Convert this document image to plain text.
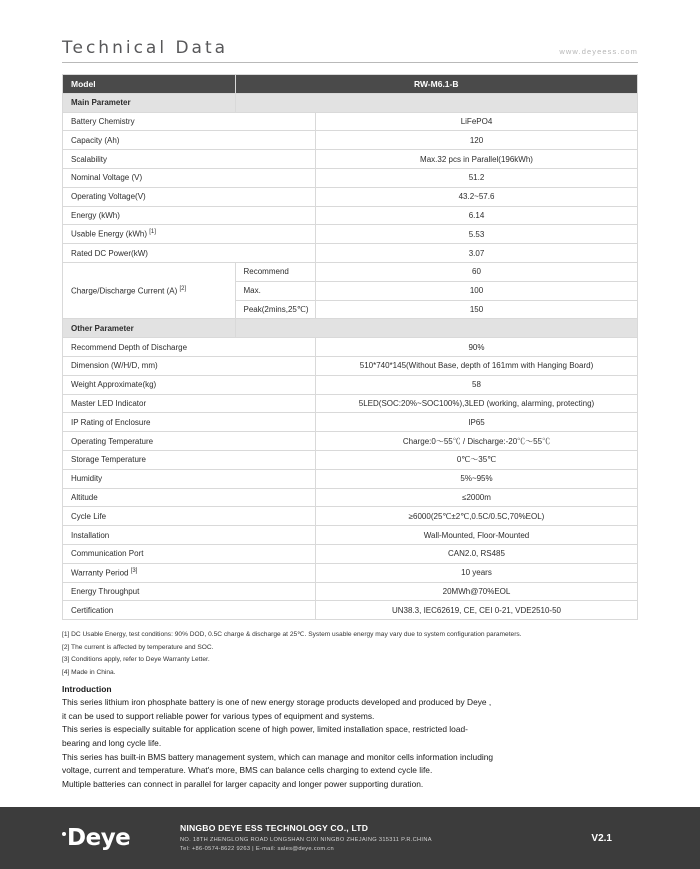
Technical Data	www.deyeess.com
Model	RW-M6.1-B	
Main Parameter		
Battery Chemistry		LiFePO4
Capacity (Ah)		120
Scalability		Max.32 pcs in Parallel(196kWh)
Nominal Voltage (V)		51.2
Operating Voltage(V)		43.2~57.6
Energy (kWh)		6.14
Usable Energy (kWh) [1]		5.53
Rated DC Power(kW)		3.07
Charge/Discharge Current (A) [2]	Recommend	60
	Max.	100
	Peak(2mins,25℃)	150
Other Parameter		
Recommend Depth of Discharge		90%
Dimension (W/H/D, mm)		510*740*145(Without Base, depth of 161mm with Hanging Board)
Weight Approximate(kg)		58
Master LED Indicator		5LED(SOC:20%~SOC100%),3LED (working, alarming, protecting)
IP Rating of Enclosure		IP65
Operating Temperature		Charge:0～55℃ / Discharge:-20℃～55℃
Storage Temperature		0℃～35℃
Humidity		5%~95%
Altitude		≤2000m
Cycle Life		≥6000(25℃±2℃,0.5C/0.5C,70%EOL)
Installation		Wall-Mounted, Floor-Mounted
Communication Port		CAN2.0, RS485
Warranty Period [3]		10 years
Energy Throughput		20MWh@70%EOL
Certification		UN38.3, IEC62619, CE, CEI 0-21, VDE2510-50
[1] DC Usable Energy, test conditions: 90% DOD, 0.5C charge & discharge at 25℃. System usable energy may vary due to system configuration parameters.
[2] The current is affected by temperature and SOC.
[3] Conditions apply, refer to Deye Warranty Letter.
[4] Made in China.
Introduction

This series lithium iron phosphate battery is one of new energy storage products developed and produced by Deye ,

it can be used to support reliable power for various types of equipment and systems.

This series is especially suitable for application scene of high power, limited installation space, restricted load-

bearing and long cycle life.

This series has built-in BMS battery management system, which can manage and monitor cells information including

voltage, current and temperature. What's more, BMS can balance cells charging to extend cycle life.

Multiple batteries can connect in parallel for larger capacity and longer power supporting duration.

Deye	NINGBO DEYE ESS TECHNOLOGY CO., LTD
NO. 18TH ZHENGLONG ROAD LONGSHAN CIXI NINGBO ZHEJAING 315311 P.R.CHINA
Tel: +86-0574-8622 9263 | E-mail: sales@deye.com.cn
V2.1
